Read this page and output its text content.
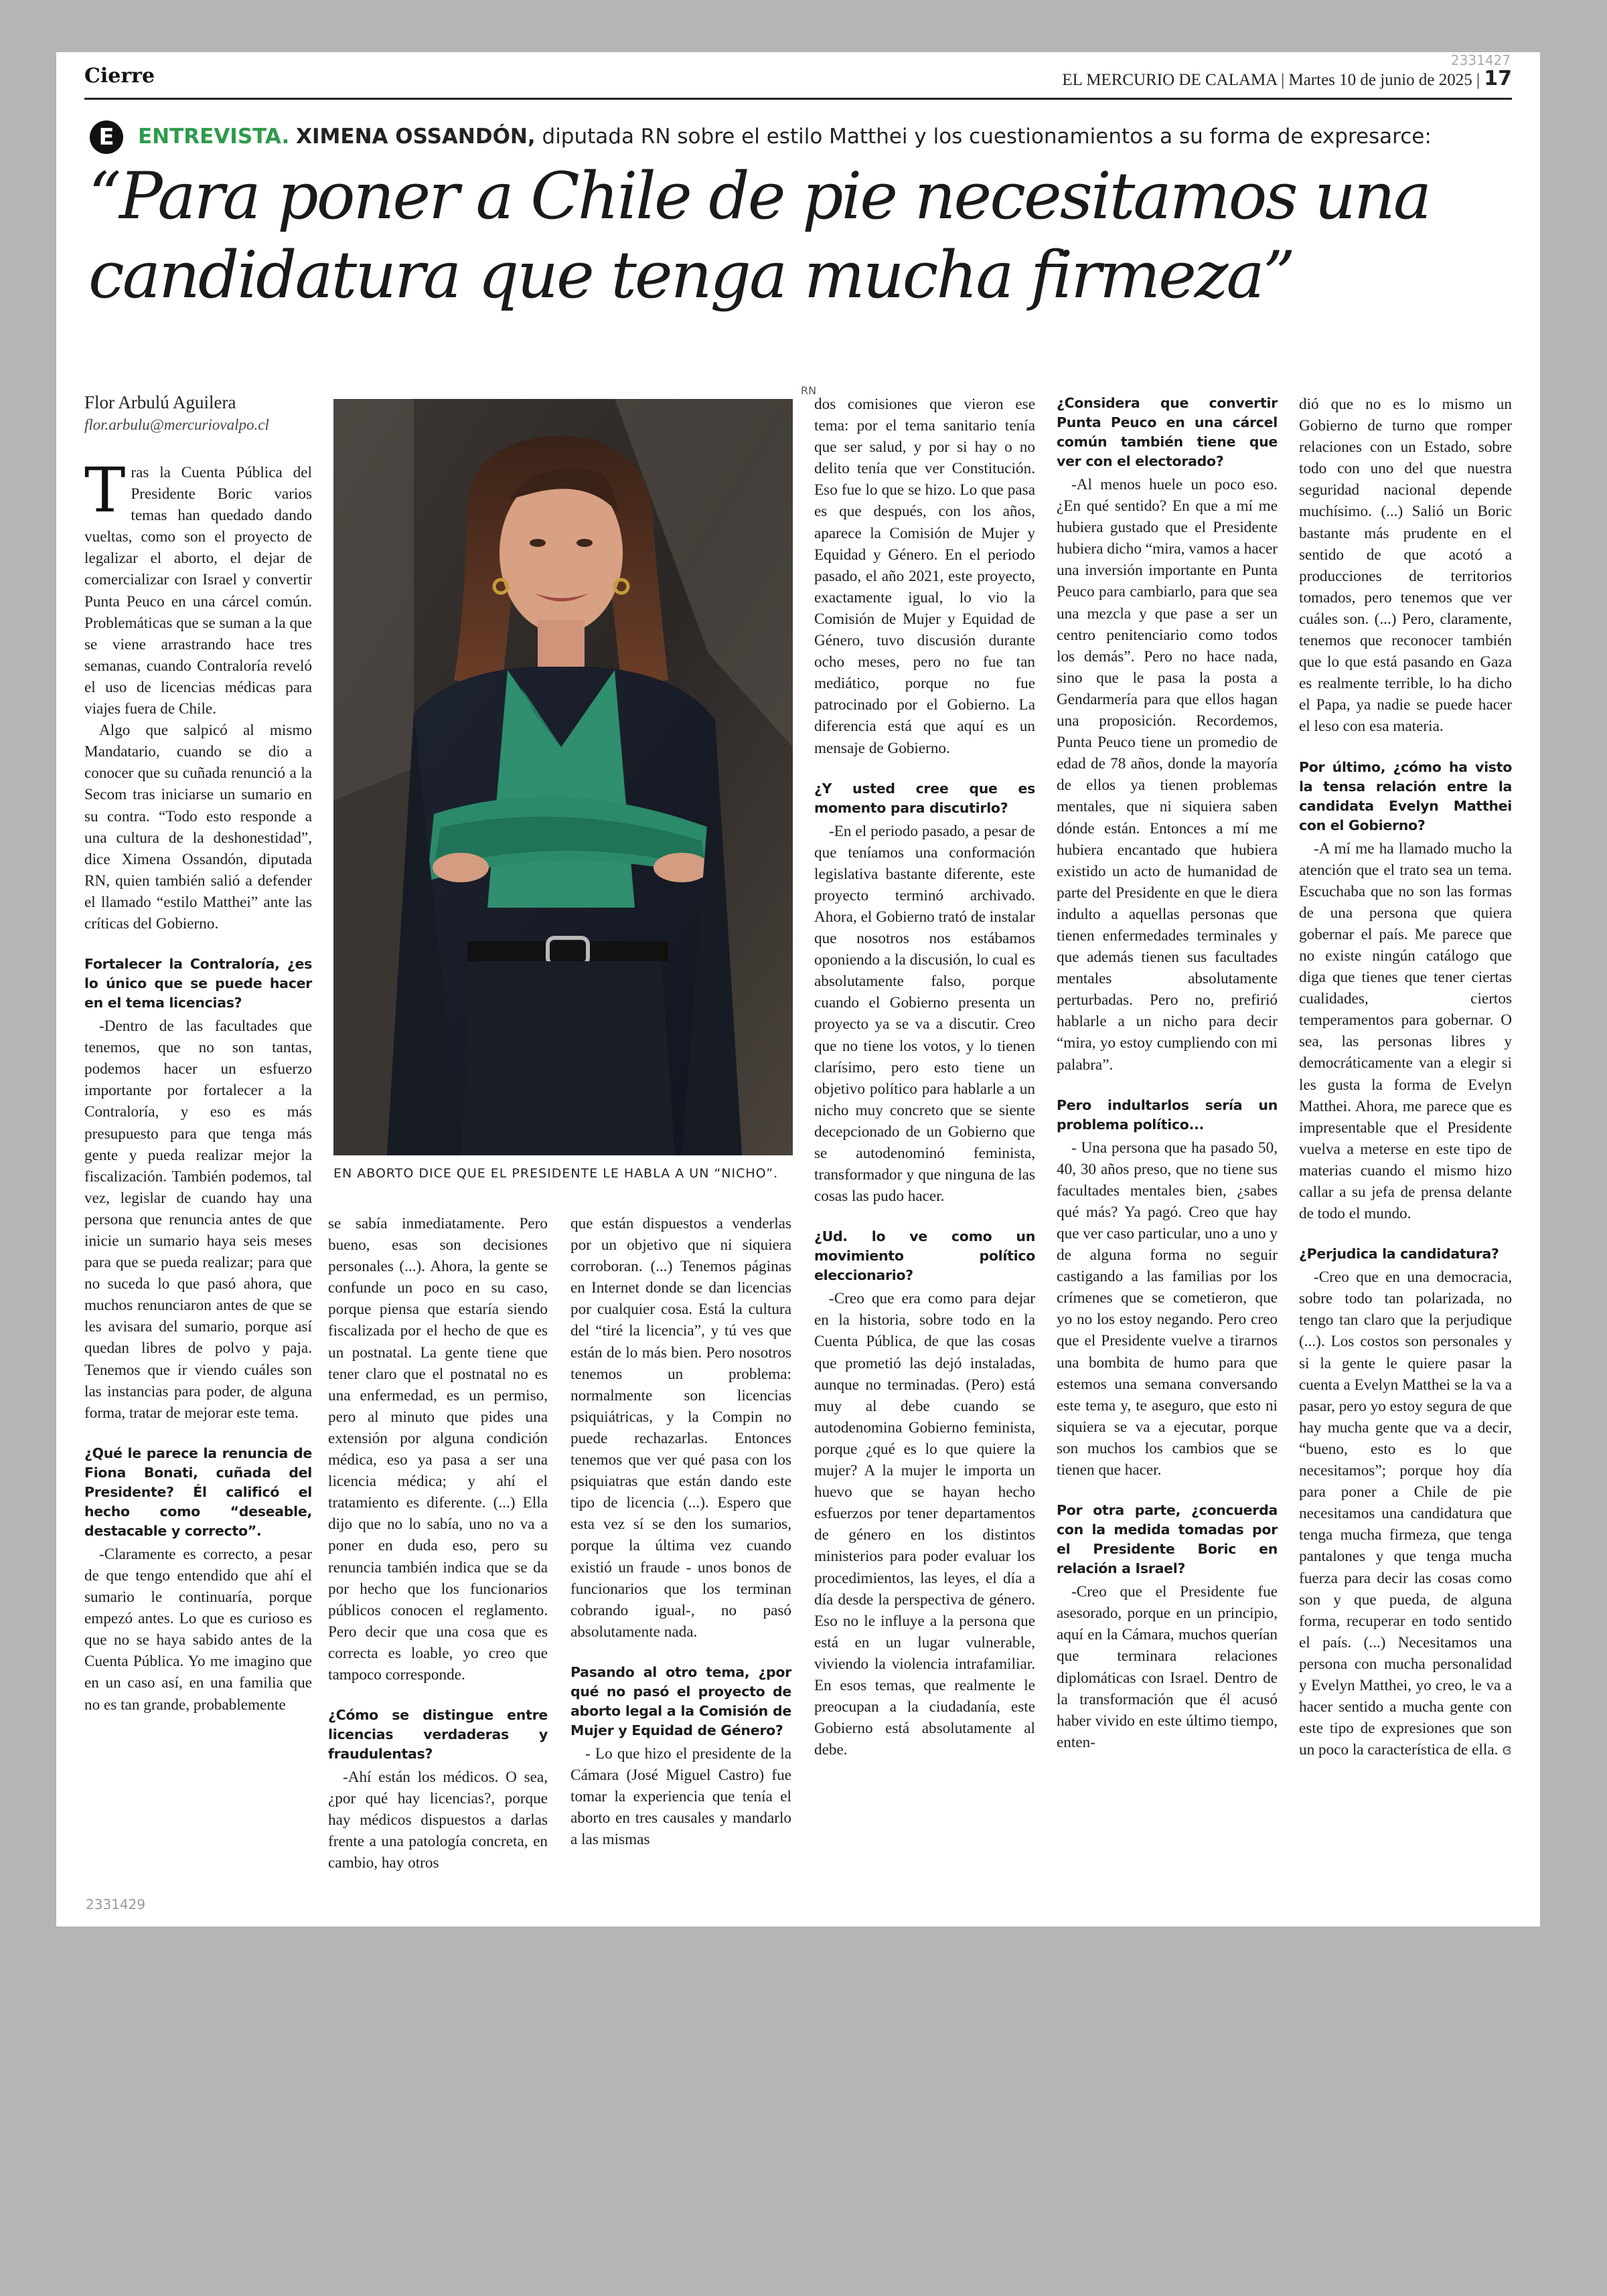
Cierre
2331427
EL MERCURIO DE CALAMA | Martes 10 de junio de 2025 | 17
E	ENTREVISTA. XIMENA OSSANDÓN, diputada RN sobre el estilo Matthei y los cuestionamientos a su forma de expresarce:
“Para poner a Chile de pie necesitamos una candidatura que tenga mucha firmeza”
Flor Arbulú Aguilera
flor.arbulu@mercuriovalpo.cl
RN
EN ABORTO DICE QUE EL PRESIDENTE LE HABLA A UN “NICHO”.

Tras la Cuenta Pública del Presidente Boric varios temas han quedado dando vueltas, como son el proyecto de legalizar el aborto, el dejar de comercializar con Israel y convertir Punta Peuco en una cárcel común. Problemáticas que se suman a la que se viene arrastrando hace tres semanas, cuando Contraloría reveló el uso de licencias médicas para viajes fuera de Chile.

Algo que salpicó al mismo Mandatario, cuando se dio a conocer que su cuñada renunció a la Secom tras iniciarse un sumario en su contra. “Todo esto responde a una cultura de la deshonestidad”, dice Ximena Ossandón, diputada RN, quien también salió a defender el llamado “estilo Matthei” ante las críticas del Gobierno.

Fortalecer la Contraloría, ¿es lo único que se puede hacer en el tema licencias?

-Dentro de las facultades que tenemos, que no son tantas, podemos hacer un esfuerzo importante por fortalecer a la Contraloría, y eso es más presupuesto para que tenga más gente y pueda realizar mejor la fiscalización. También podemos, tal vez, legislar de cuando hay una persona que renuncia antes de que inicie un sumario haya seis meses para que se pueda realizar; para que no suceda lo que pasó ahora, que muchos renunciaron antes de que se les avisara del sumario, porque así quedan libres de polvo y paja. Tenemos que ir viendo cuáles son las instancias para poder, de alguna forma, tratar de mejorar este tema.

¿Qué le parece la renuncia de Fiona Bonati, cuñada del Presidente? Él calificó el hecho como “deseable, destacable y correcto”.

-Claramente es correcto, a pesar de que tengo entendido que ahí el sumario le continuaría, porque empezó antes. Lo que es curioso es que no se haya sabido antes de la Cuenta Pública. Yo me imagino que en un caso así, en una familia que no es tan grande, probablemente

se sabía inmediatamente. Pero bueno, esas son decisiones personales (...). Ahora, la gente se confunde un poco en su caso, porque piensa que estaría siendo fiscalizada por el hecho de que es un postnatal. La gente tiene que tener claro que el postnatal no es una enfermedad, es un permiso, pero al minuto que pides una extensión por alguna condición médica, eso ya pasa a ser una licencia médica; y ahí el tratamiento es diferente. (...) Ella dijo que no lo sabía, uno no va a poner en duda eso, pero su renuncia también indica que se da por hecho que los funcionarios públicos conocen el reglamento. Pero decir que una cosa que es correcta es loable, yo creo que tampoco corresponde.

¿Cómo se distingue entre licencias verdaderas y fraudulentas?

-Ahí están los médicos. O sea, ¿por qué hay licencias?, porque hay médicos dispuestos a darlas frente a una patología concreta, en cambio, hay otros

que están dispuestos a venderlas por un objetivo que ni siquiera corroboran. (...) Tenemos páginas en Internet donde se dan licencias por cualquier cosa. Está la cultura del “tiré la licencia”, y tú ves que están de lo más bien. Pero nosotros tenemos un problema: normalmente son licencias psiquiátricas, y la Compin no puede rechazarlas. Entonces tenemos que ver qué pasa con los psiquiatras que están dando este tipo de licencia (...). Espero que esta vez sí se den los sumarios, porque la última vez cuando existió un fraude - unos bonos de funcionarios que los terminan cobrando igual-, no pasó absolutamente nada.

Pasando al otro tema, ¿por qué no pasó el proyecto de aborto legal a la Comisión de Mujer y Equidad de Género?

- Lo que hizo el presidente de la Cámara (José Miguel Castro) fue tomar la experiencia que tenía el aborto en tres causales y mandarlo a las mismas

dos comisiones que vieron ese tema: por el tema sanitario tenía que ser salud, y por si hay o no delito tenía que ver Constitución. Eso fue lo que se hizo. Lo que pasa es que después, con los años, aparece la Comisión de Mujer y Equidad y Género. En el periodo pasado, el año 2021, este proyecto, exactamente igual, lo vio la Comisión de Mujer y Equidad de Género, tuvo discusión durante ocho meses, pero no fue tan mediático, porque no fue patrocinado por el Gobierno. La diferencia está que aquí es un mensaje de Gobierno.

¿Y usted cree que es momento para discutirlo?

-En el periodo pasado, a pesar de que teníamos una conformación legislativa bastante diferente, este proyecto terminó archivado. Ahora, el Gobierno trató de instalar que nosotros nos estábamos oponiendo a la discusión, lo cual es absolutamente falso, porque cuando el Gobierno presenta un proyecto ya se va a discutir. Creo que no tiene los votos, y lo tienen clarísimo, pero esto tiene un objetivo político para hablarle a un nicho muy concreto que se siente decepcionado de un Gobierno que se autodenominó feminista, transformador y que ninguna de las cosas las pudo hacer.

¿Ud. lo ve como un movimiento político eleccionario?

-Creo que era como para dejar en la historia, sobre todo en la Cuenta Pública, de que las cosas que prometió las dejó instaladas, aunque no terminadas. (Pero) está muy al debe cuando se autodenomina Gobierno feminista, porque ¿qué es lo que quiere la mujer? A la mujer le importa un huevo que se hayan hecho esfuerzos por tener departamentos de género en los distintos ministerios para poder evaluar los procedimientos, las leyes, el día a día desde la perspectiva de género. Eso no le influye a la persona que está en un lugar vulnerable, viviendo la violencia intrafamiliar. En esos temas, que realmente le preocupan a la ciudadanía, este Gobierno está absolutamente al debe.

¿Considera que convertir Punta Peuco en una cárcel común también tiene que ver con el electorado?

-Al menos huele un poco eso. ¿En qué sentido? En que a mí me hubiera gustado que el Presidente hubiera dicho “mira, vamos a hacer una inversión importante en Punta Peuco para cambiarlo, para que sea una mezcla y que pase a ser un centro penitenciario como todos los demás”. Pero no hace nada, sino que le pasa la posta a Gendarmería para que ellos hagan una proposición. Recordemos, Punta Peuco tiene un promedio de edad de 78 años, donde la mayoría de ellos ya tienen problemas mentales, que ni siquiera saben dónde están. Entonces a mí me hubiera encantado que hubiera existido un acto de humanidad de parte del Presidente en que le diera indulto a aquellas personas que tienen enfermedades terminales y que además tienen sus facultades mentales absolutamente perturbadas. Pero no, prefirió hablarle a un nicho para decir “mira, yo estoy cumpliendo con mi palabra”.

Pero indultarlos sería un problema político...

- Una persona que ha pasado 50, 40, 30 años preso, que no tiene sus facultades mentales bien, ¿sabes qué más? Ya pagó. Creo que hay que ver caso particular, uno a uno y de alguna forma no seguir castigando a las familias por los crímenes que se cometieron, que yo no los estoy negando. Pero creo que el Presidente vuelve a tirarnos una bombita de humo para que estemos una semana conversando este tema y, te aseguro, que esto ni siquiera se va a ejecutar, porque son muchos los cambios que se tienen que hacer.

Por otra parte, ¿concuerda con la medida tomadas por el Presidente Boric en relación a Israel?

-Creo que el Presidente fue asesorado, porque en un principio, aquí en la Cámara, muchos querían que terminara relaciones diplomáticas con Israel. Dentro de la transformación que él acusó haber vivido en este último tiempo, enten-

dió que no es lo mismo un Gobierno de turno que romper relaciones con un Estado, sobre todo con uno del que nuestra seguridad nacional depende muchísimo. (...) Salió un Boric bastante más prudente en el sentido de que acotó a producciones de territorios tomados, pero tenemos que ver cuáles son. (...) Pero, claramente, tenemos que reconocer también que lo que está pasando en Gaza es realmente terrible, lo ha dicho el Papa, ya nadie se puede hacer el leso con esa materia.

Por último, ¿cómo ha visto la tensa relación entre la candidata Evelyn Matthei con el Gobierno?

-A mí me ha llamado mucho la atención que el trato sea un tema. Escuchaba que no son las formas de una persona que quiera gobernar el país. Me parece que no existe ningún catálogo que diga que tienes que tener ciertas cualidades, ciertos temperamentos para gobernar. O sea, las personas libres y democráticamente van a elegir si les gusta la forma de Evelyn Matthei. Ahora, me parece que es impresentable que el Presidente vuelva a meterse en este tipo de materias cuando el mismo hizo callar a su jefa de prensa delante de todo el mundo.

¿Perjudica la candidatura?

-Creo que en una democracia, sobre todo tan polarizada, no tengo tan claro que la perjudique (...). Los costos son personales y si la gente le quiere pasar la cuenta a Evelyn Matthei se la va a pasar, pero yo estoy segura de que hay mucha gente que va a decir, “bueno, esto es lo que necesitamos”; porque hoy día para poner a Chile de pie necesitamos una candidatura que tenga mucha firmeza, que tenga pantalones y que tenga mucha fuerza para decir las cosas como son y que pueda, de alguna forma, recuperar en todo sentido el país. (...) Necesitamos una persona con mucha personalidad y Evelyn Matthei, yo creo, le va a hacer sentido a mucha gente con este tipo de expresiones que son un poco la característica de ella. ɞ

2331429
